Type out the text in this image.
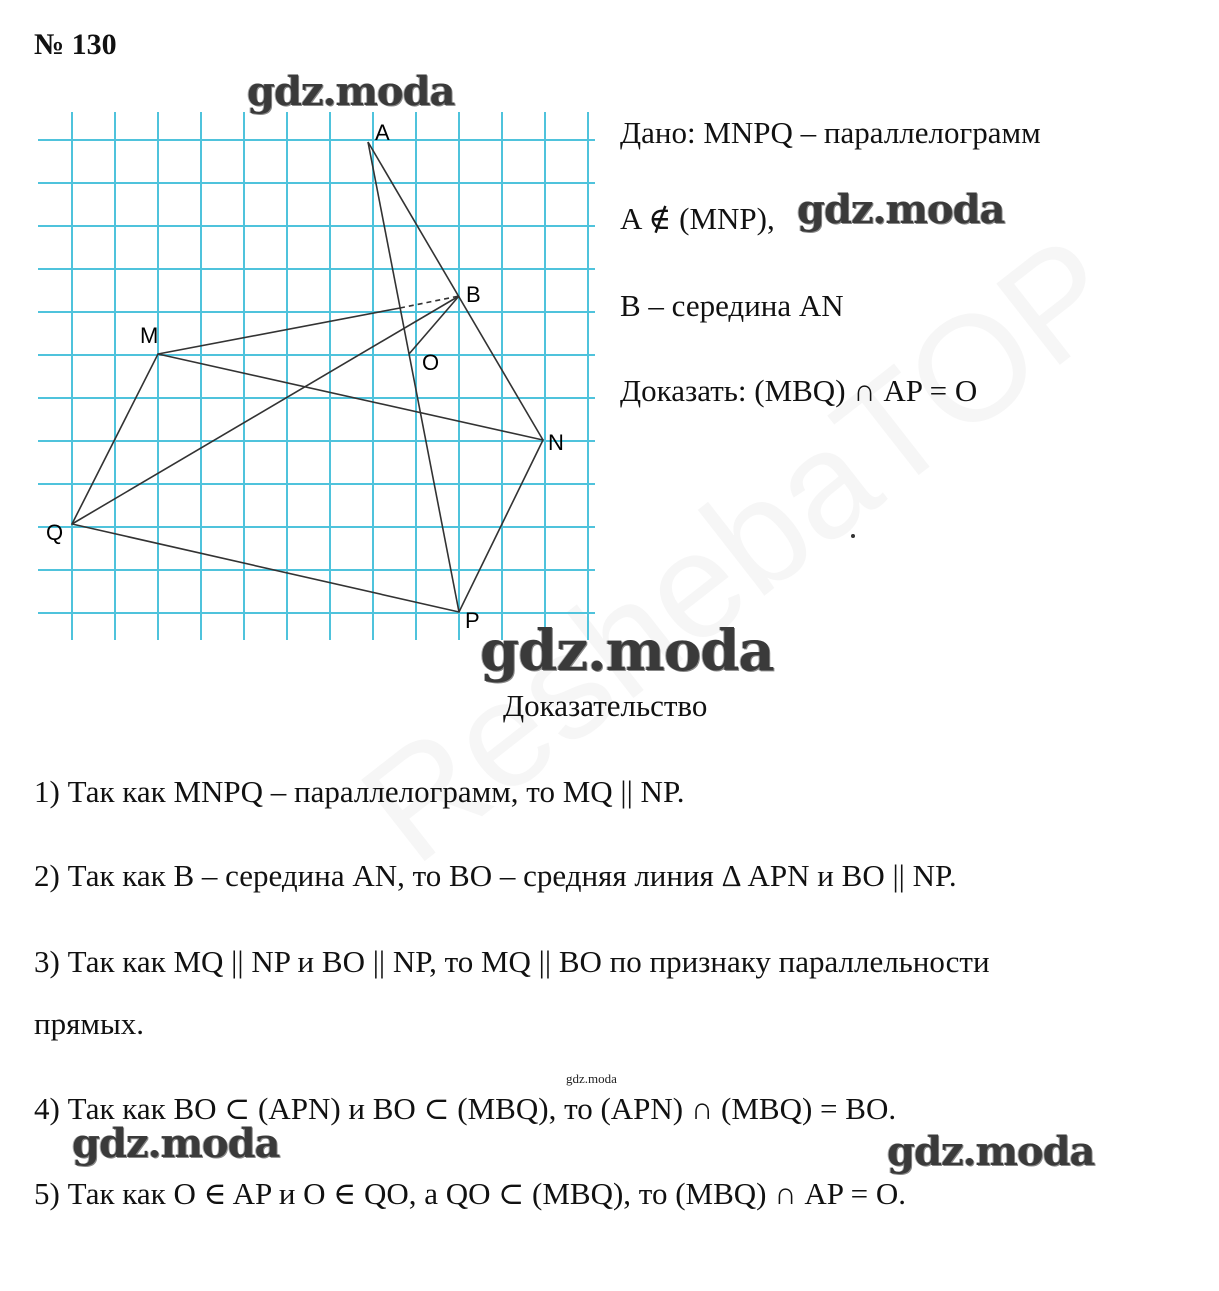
№ 130
A
B
M
O
N
Q
P
gdz.moda
gdz.moda
gdz.moda
gdz.moda
gdz.moda	gdz.moda
Дано: MNPQ – параллелограмм
A ∉ (MNP),
B – середина AN
Доказать: (MBQ) ∩ AP = O
Доказательство
1) Так как MNPQ – параллелограмм, то MQ || NP.
2) Так как B – середина AN, то BO – средняя линия Δ APN и BO || NP.
3) Так как MQ || NP и BO || NP, то MQ || BO по признаку параллельности
прямых.
4) Так как BO ⊂ (APN) и BO ⊂ (MBQ), то (APN) ∩ (MBQ) = BO.
5) Так как O ∈ AP и O ∈ QO, а QO ⊂ (MBQ), то (MBQ) ∩ AP = O.
